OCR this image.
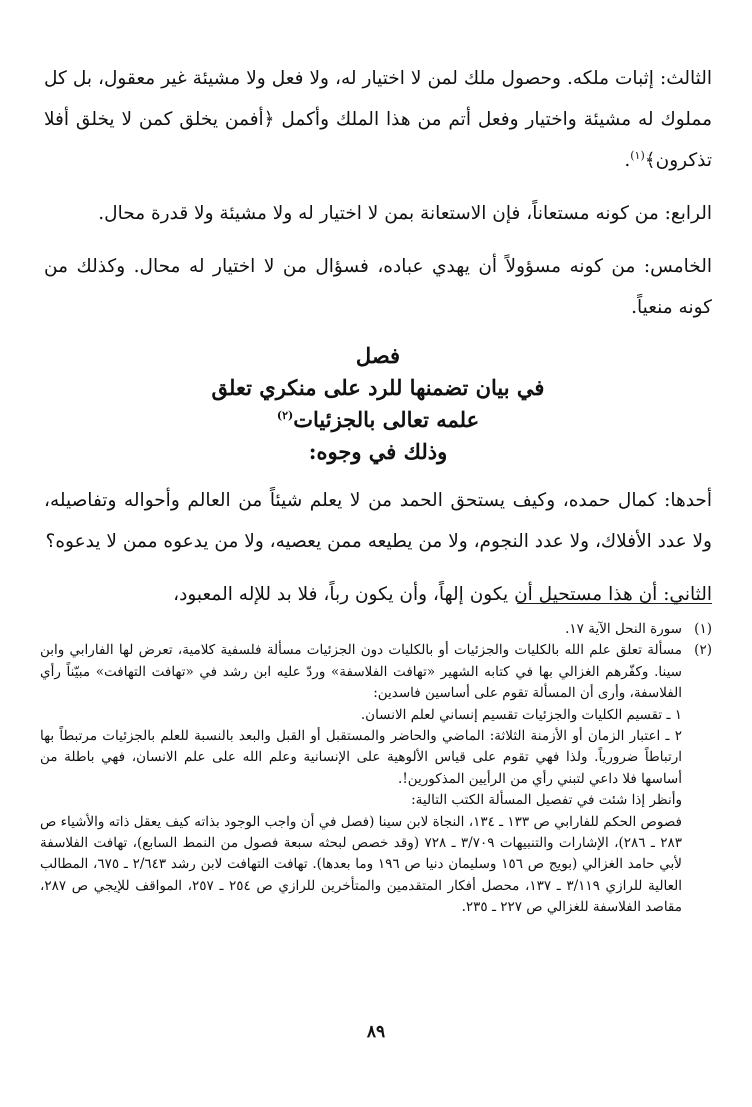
الثالث: إثبات ملكه. وحصول ملك لمن لا اختيار له، ولا فعل ولا مشيئة غير معقول، بل كل مملوك له مشيئة واختيار وفعل أتم من هذا الملك وأكمل ﴿أفمن يخلق كمن لا يخلق أفلا تذكرون﴾$^{(١)}$.

الرابع: من كونه مستعاناً، فإن الاستعانة بمن لا اختيار له ولا مشيئة ولا قدرة محال.

الخامس: من كونه مسؤولاً أن يهدي عباده، فسؤال من لا اختيار له محال. وكذلك من كونه منعياً.

فصل
في بيان تضمنها للرد على منكري تعلق
علمه تعالى بالجزئيات$^{(٢)}$
وذلك في وجوه:

أحدها: كمال حمده، وكيف يستحق الحمد من لا يعلم شيئاً من العالم وأحواله وتفاصيله، ولا عدد الأفلاك، ولا عدد النجوم، ولا من يطيعه ممن يعصيه، ولا من يدعوه ممن لا يدعوه؟

الثاني: أن هذا مستحيل أن يكون إلهاً، وأن يكون رباً، فلا بد للإله المعبود،

(١)

سورة النحل الآية ١٧.

(٢)

مسألة تعلق علم الله بالكليات والجزئيات أو بالكليات دون الجزئيات مسألة فلسفية كلامية، تعرض لها الفارابي وابن سينا. وكفّرهم الغزالي بها في كتابه الشهير «تهافت الفلاسفة» وردّ عليه ابن رشد في «تهافت التهافت» مبيّناً رأي الفلاسفة، وأرى أن المسألة تقوم على أساسين فاسدين:

١ ـ تقسيم الكليات والجزئيات تقسيم إنساني لعلم الانسان.

٢ ـ اعتبار الزمان أو الأزمنة الثلاثة: الماضي والحاضر والمستقبل أو القبل والبعد بالنسبة للعلم بالجزئيات مرتبطاً بها ارتباطاً ضرورياً. ولذا فهي تقوم على قياس الألوهية على الإنسانية وعلم الله على علم الانسان، فهي باطلة من أساسها فلا داعي لتبني رأي من الرأيين المذكورين!.

وأنظر إذا شئت في تفصيل المسألة الكتب التالية:

فصوص الحكم للفارابي ص ١٣٣ ـ ١٣٤، النجاة لابن سينا (فصل في أن واجب الوجود بذاته كيف يعقل ذاته والأشياء ص ٢٨٣ ـ ٢٨٦)، الإشارات والتنبيهات ٣/٧٠٩ ـ ٧٢٨ (وقد خصص لبحثه سبعة فصول من النمط السابع)، تهافت الفلاسفة لأبي حامد الغزالي (بويج ص ١٥٦ وسليمان دنيا ص ١٩٦ وما بعدها). تهافت التهافت لابن رشد ٢/٦٤٣ ـ ٦٧٥، المطالب العالية للرازي ٣/١١٩ ـ ١٣٧، محصل أفكار المتقدمين والمتأخرين للرازي ص ٢٥٤ ـ ٢٥٧، المواقف للإيجي ص ٢٨٧، مقاصد الفلاسفة للغزالي ص ٢٢٧ ـ ٢٣٥.

٨٩
